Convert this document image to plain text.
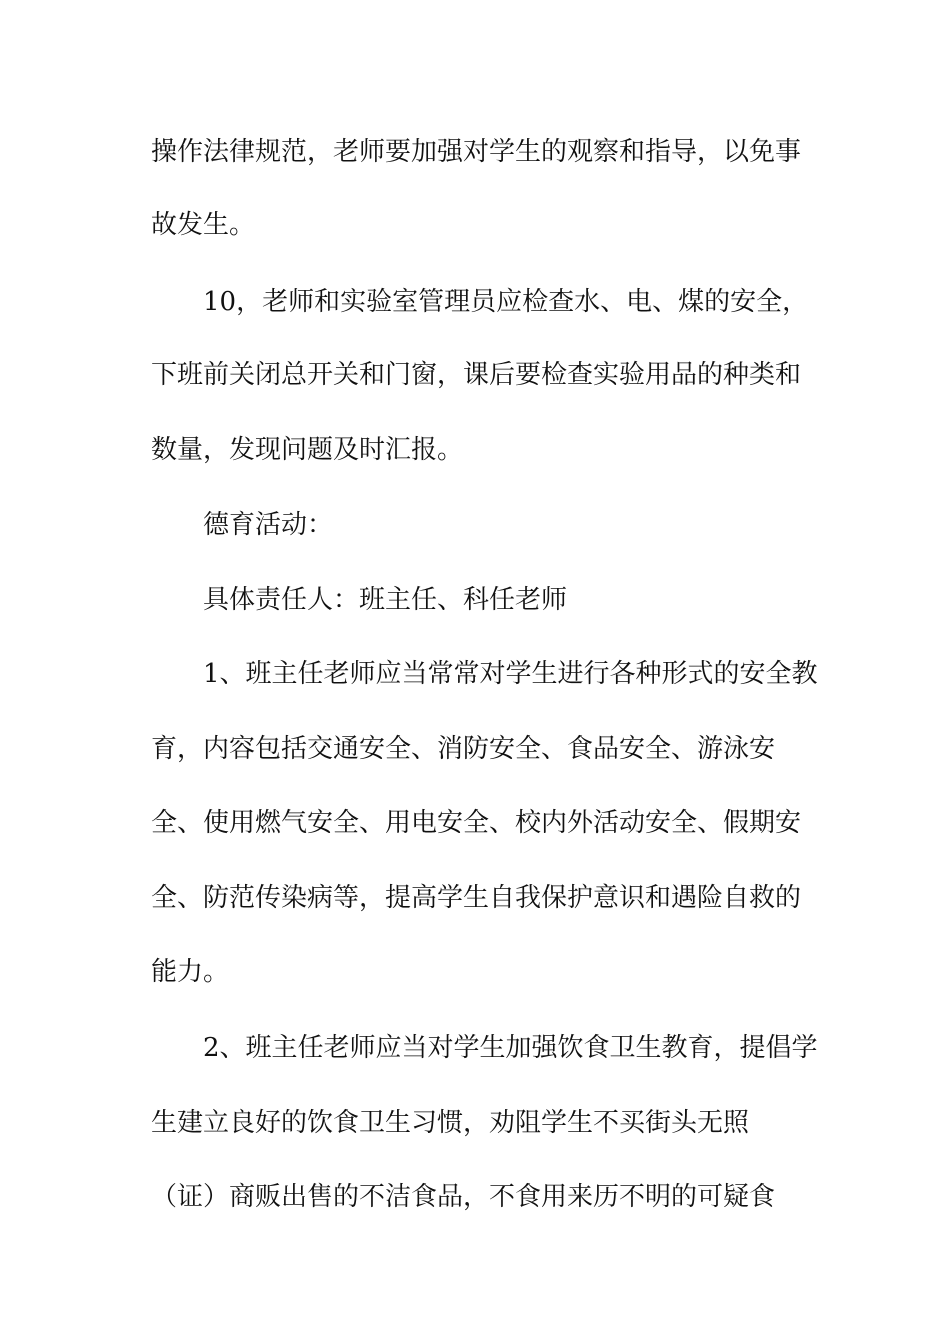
操作法律规范，老师要加强对学生的观察和指导，以免事
故发生。
10，老师和实验室管理员应检查水、电、煤的安全，
下班前关闭总开关和门窗，课后要检查实验用品的种类和
数量，发现问题及时汇报。
德育活动：
具体责任人：班主任、科任老师
1、班主任老师应当常常对学生进行各种形式的安全教
育，内容包括交通安全、消防安全、食品安全、游泳安
全、使用燃气安全、用电安全、校内外活动安全、假期安
全、防范传染病等，提高学生自我保护意识和遇险自救的
能力。
2、班主任老师应当对学生加强饮食卫生教育，提倡学
生建立良好的饮食卫生习惯，劝阻学生不买街头无照
（证）商贩出售的不洁食品，不食用来历不明的可疑食
